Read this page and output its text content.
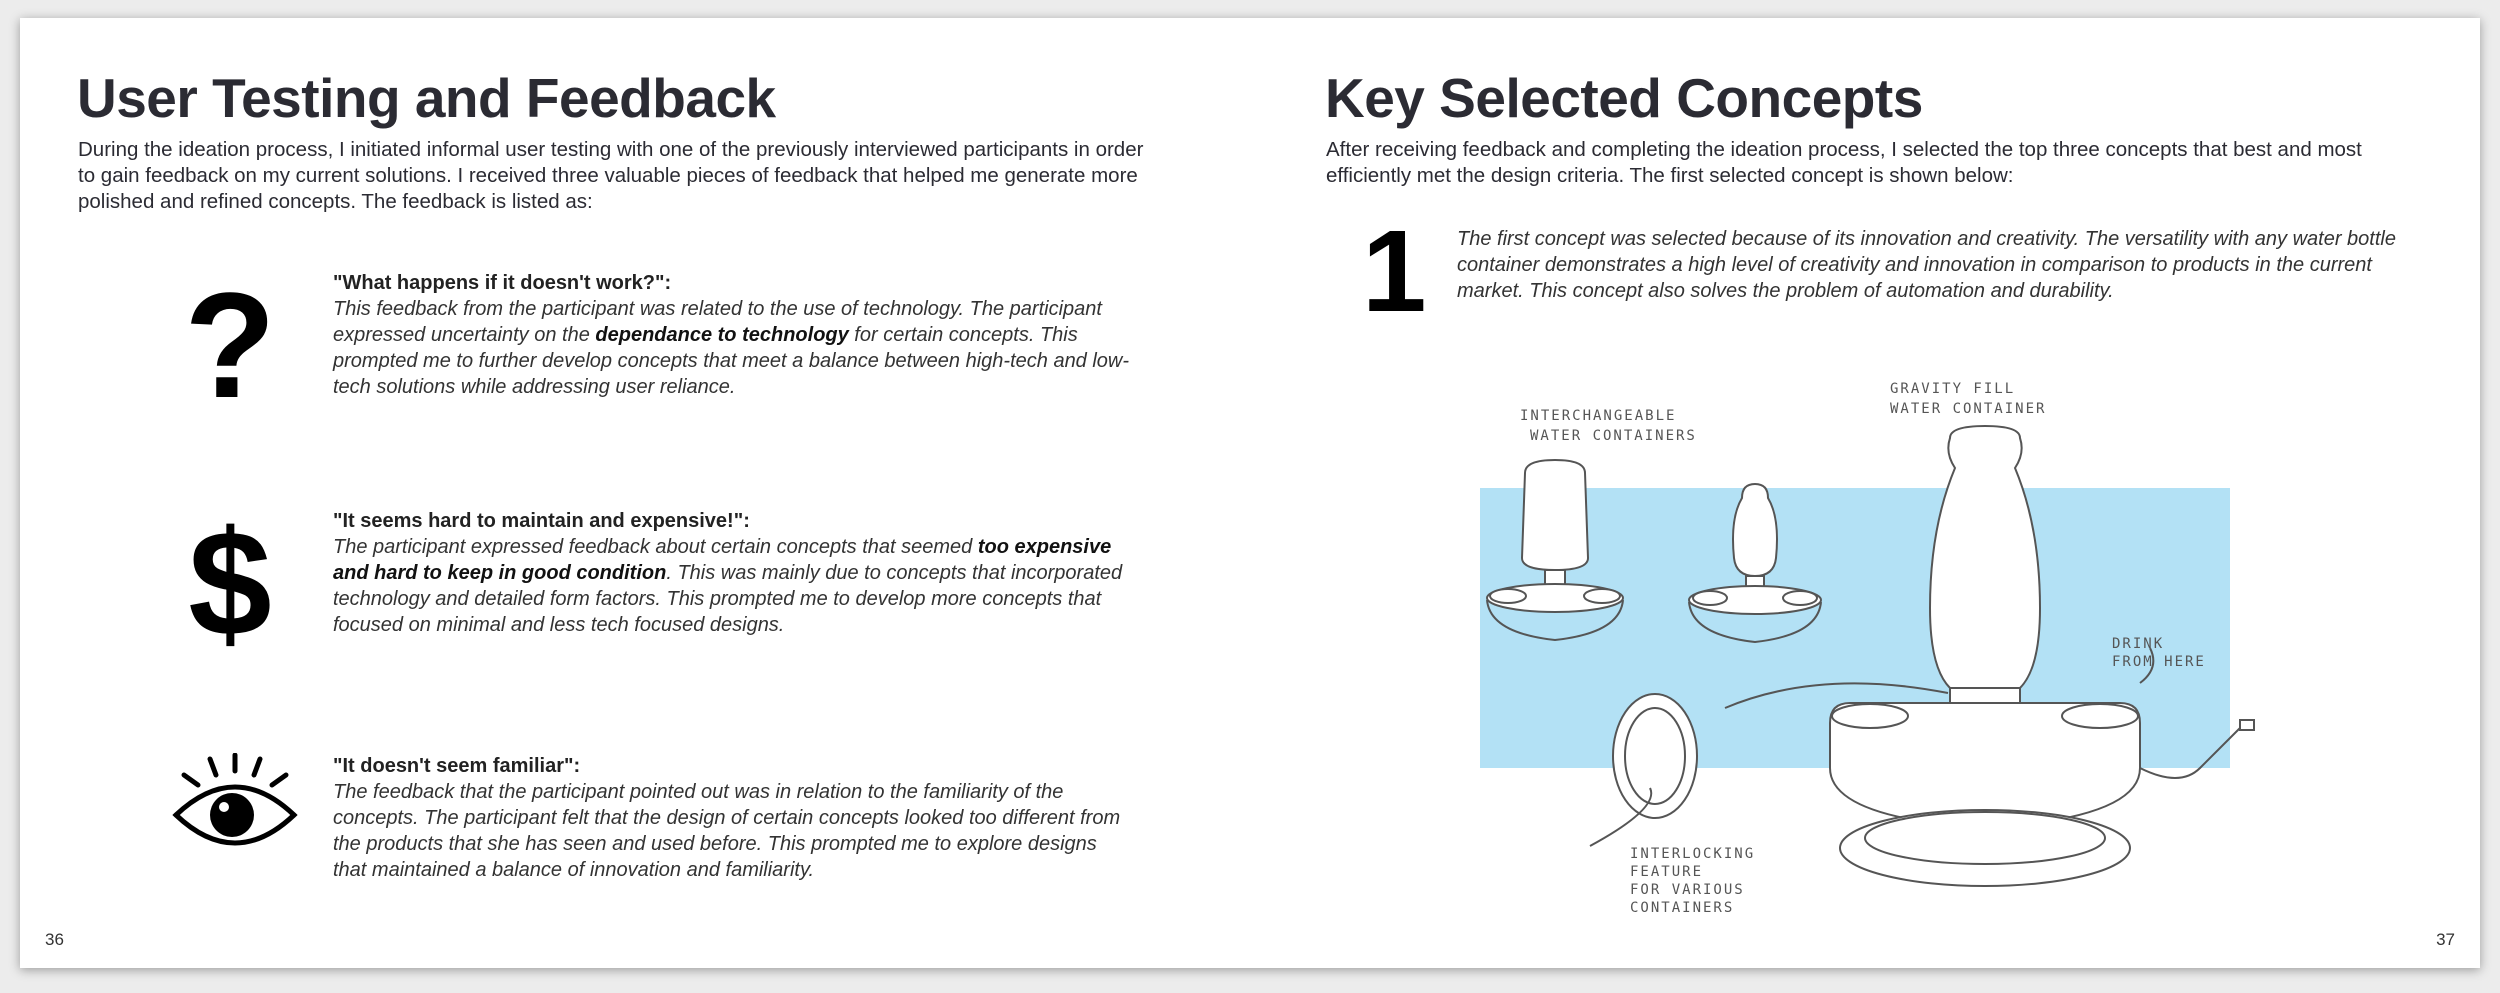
User Testing and Feedback

During the ideation process, I initiated informal user testing with one of the previously interviewed participants in order to gain feedback on my current solutions. I received three valuable pieces of feedback that helped me generate more polished and refined concepts. The feedback is listed as:

?	"What happens if it doesn't work?":
This feedback from the participant was related to the use of technology. The participant expressed uncertainty on the dependance to technology for certain concepts. This prompted me to further develop concepts that meet a balance between high-tech and low-tech solutions while addressing user reliance.
$	"It seems hard to maintain and expensive!":
The participant expressed feedback about certain concepts that seemed too expensive and hard to keep in good condition. This was mainly due to concepts that incorporated technology and detailed form factors. This prompted me to develop more concepts that focused on minimal and less tech focused designs.
"It doesn't seem familiar":
The feedback that the participant pointed out was in relation to the familiarity of the concepts. The participant felt that the design of certain concepts looked too different from the products that she has seen and used before. This prompted me to explore designs that maintained a balance of innovation and familiarity.
36
Key Selected Concepts

After receiving feedback and completing the ideation process, I selected the top three concepts that best and most efficiently met the design criteria. The first selected concept is shown below:

1 The first concept was selected because of its innovation and creativity. The versatility with any water bottle container demonstrates a high level of creativity and innovation in comparison to products in the current market. This concept also solves the problem of automation and durability.
INTERCHANGEABLE
WATER CONTAINERS
GRAVITY FILL
WATER CONTAINER
DRINK
FROM HERE
INTERLOCKING
FEATURE
FOR VARIOUS
CONTAINERS
37
